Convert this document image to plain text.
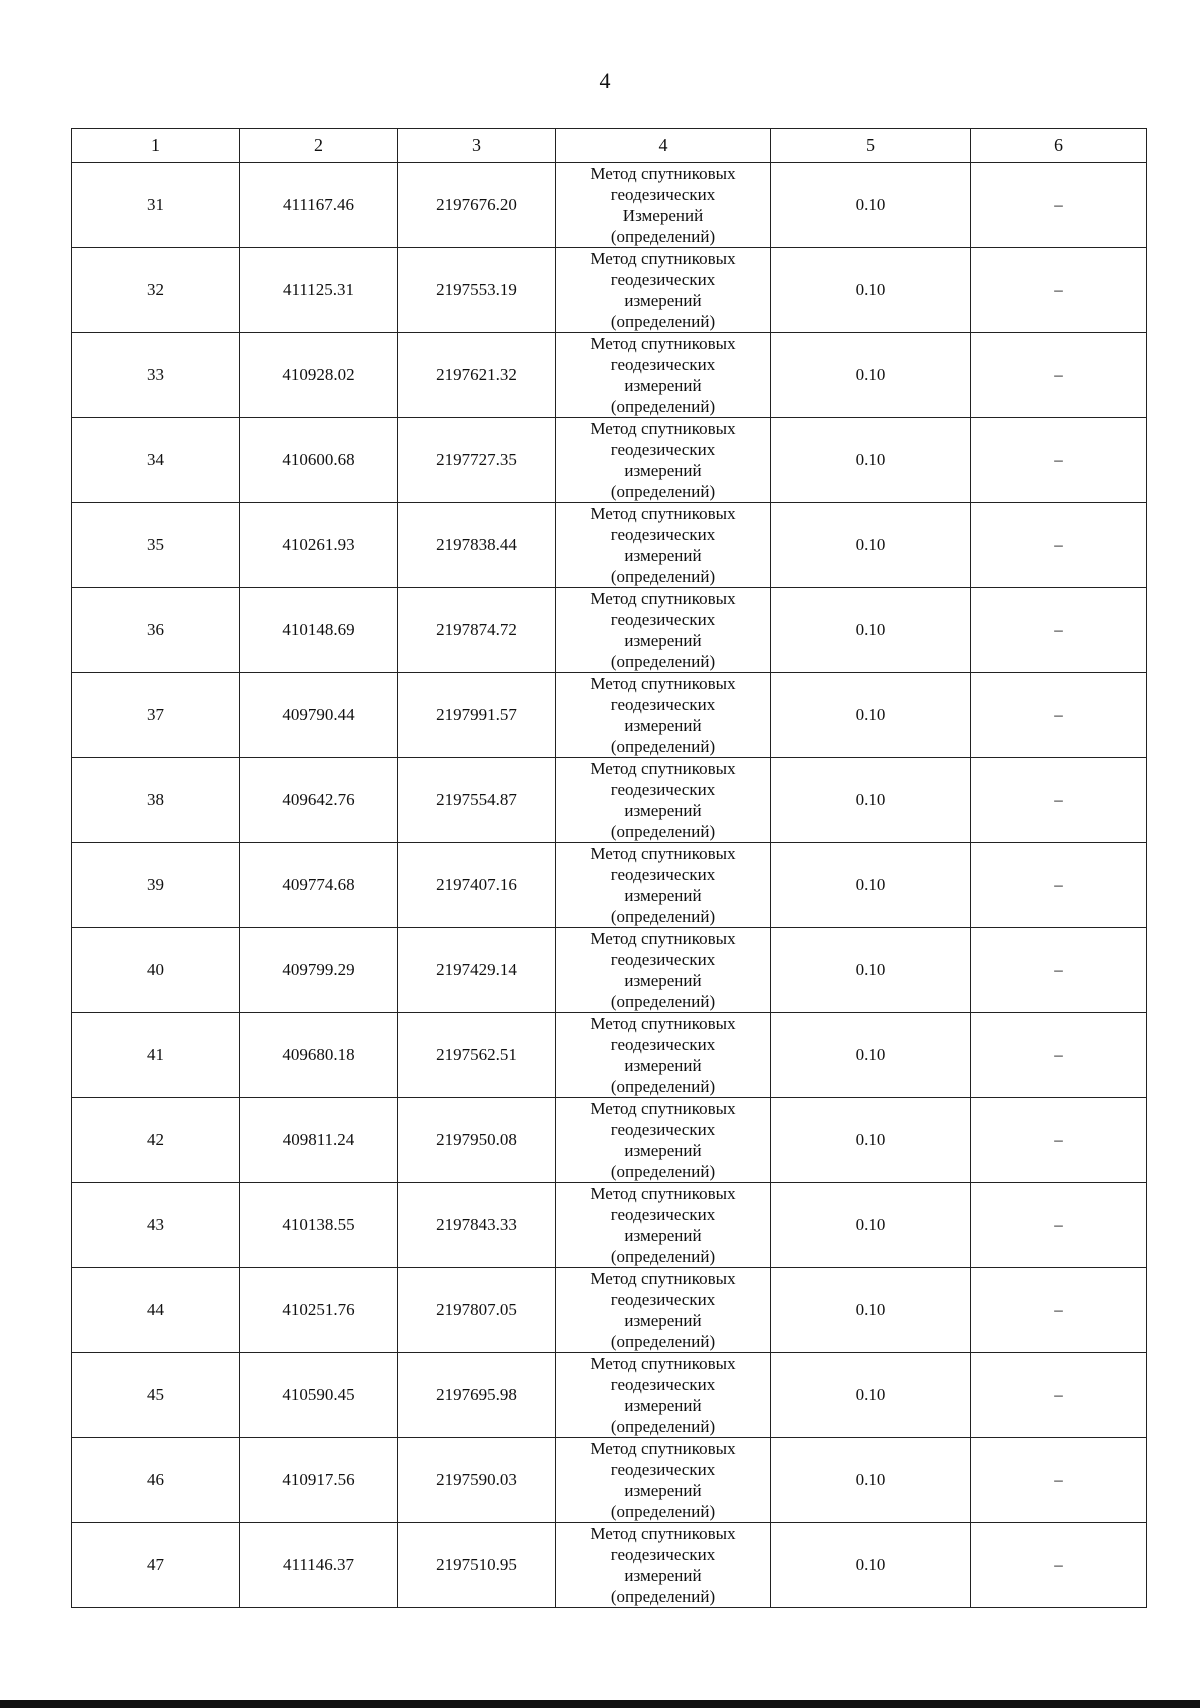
4
1	2	3	4	5	6
31	411167.46	2197676.20	Метод спутниковых
геодезических
Измерений
(определений)	0.10	–
32	411125.31	2197553.19	Метод спутниковых
геодезических
измерений
(определений)	0.10	–
33	410928.02	2197621.32	Метод спутниковых
геодезических
измерений
(определений)	0.10	–
34	410600.68	2197727.35	Метод спутниковых
геодезических
измерений
(определений)	0.10	–
35	410261.93	2197838.44	Метод спутниковых
геодезических
измерений
(определений)	0.10	–
36	410148.69	2197874.72	Метод спутниковых
геодезических
измерений
(определений)	0.10	–
37	409790.44	2197991.57	Метод спутниковых
геодезических
измерений
(определений)	0.10	–
38	409642.76	2197554.87	Метод спутниковых
геодезических
измерений
(определений)	0.10	–
39	409774.68	2197407.16	Метод спутниковых
геодезических
измерений
(определений)	0.10	–
40	409799.29	2197429.14	Метод спутниковых
геодезических
измерений
(определений)	0.10	–
41	409680.18	2197562.51	Метод спутниковых
геодезических
измерений
(определений)	0.10	–
42	409811.24	2197950.08	Метод спутниковых
геодезических
измерений
(определений)	0.10	–
43	410138.55	2197843.33	Метод спутниковых
геодезических
измерений
(определений)	0.10	–
44	410251.76	2197807.05	Метод спутниковых
геодезических
измерений
(определений)	0.10	–
45	410590.45	2197695.98	Метод спутниковых
геодезических
измерений
(определений)	0.10	–
46	410917.56	2197590.03	Метод спутниковых
геодезических
измерений
(определений)	0.10	–
47	411146.37	2197510.95	Метод спутниковых
геодезических
измерений
(определений)	0.10	–
